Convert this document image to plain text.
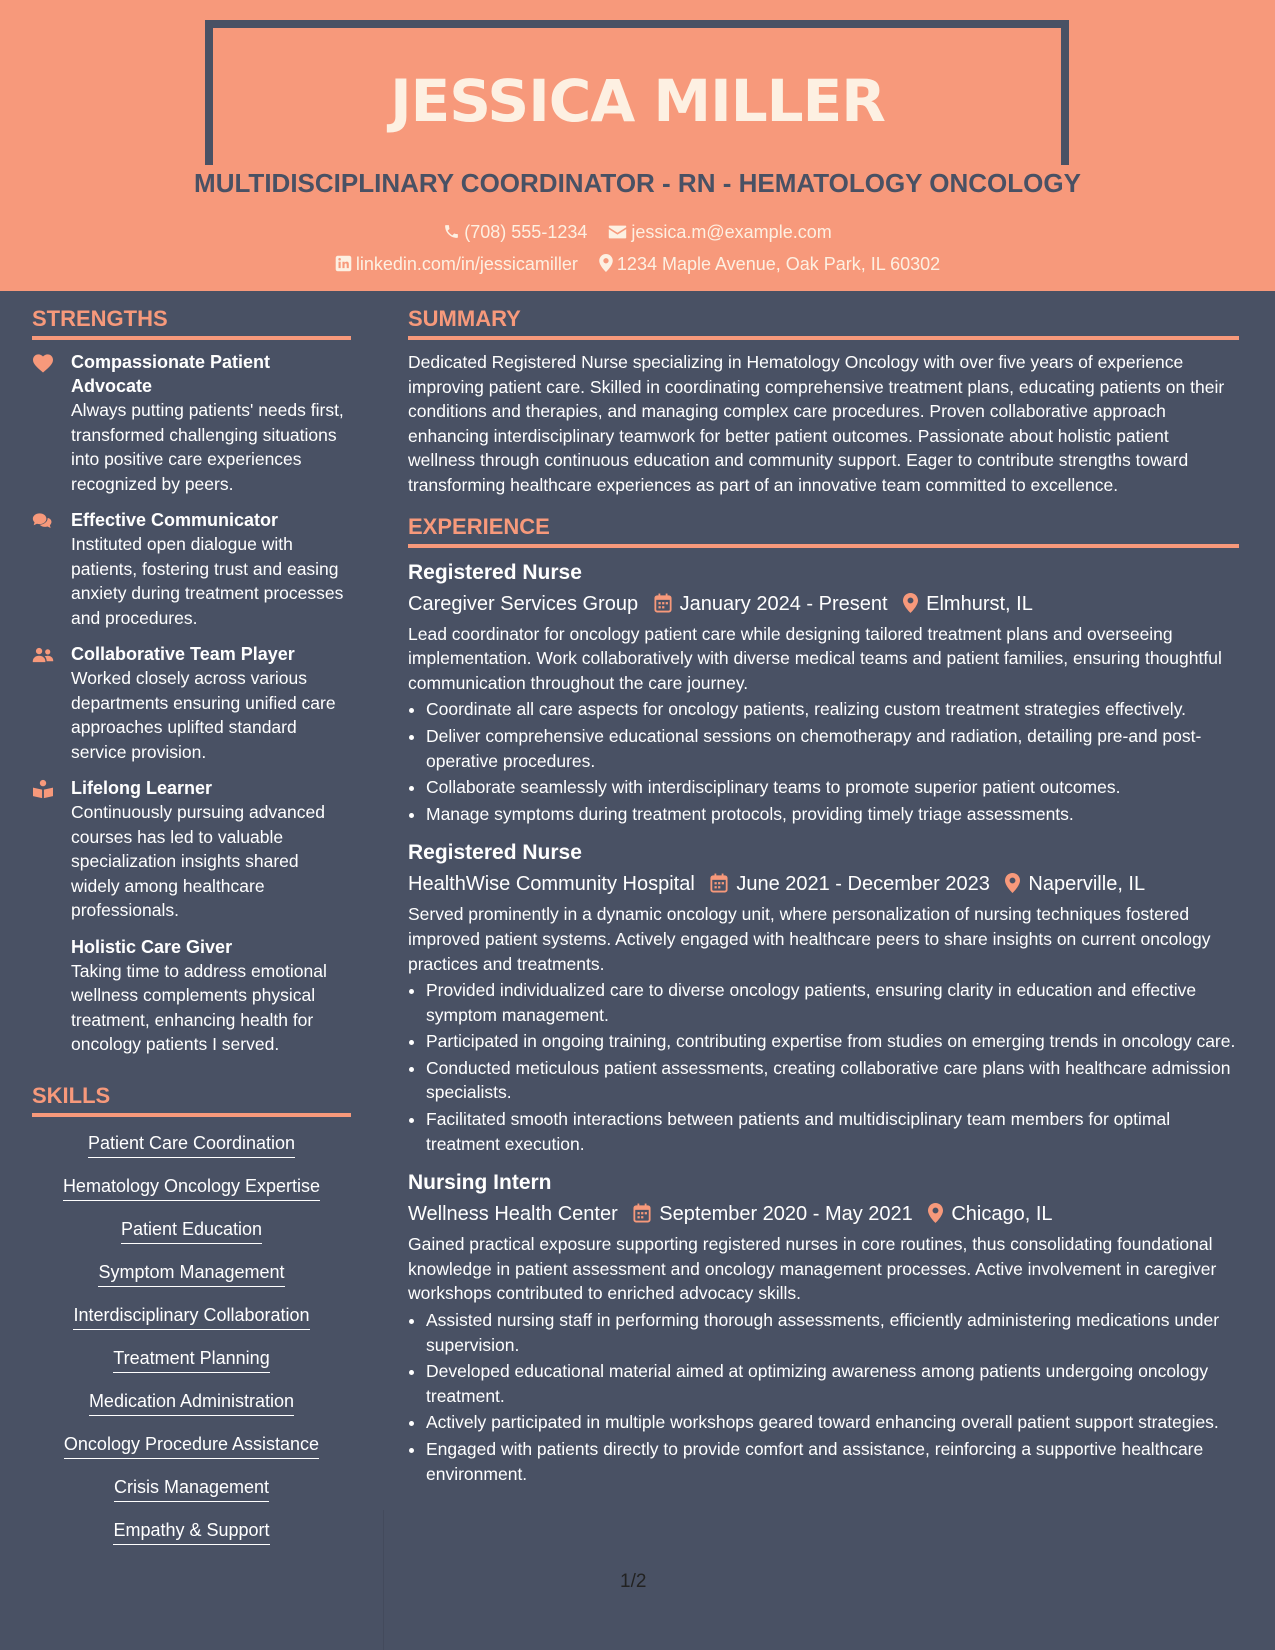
JESSICA MILLER
MULTIDISCIPLINARY COORDINATOR - RN - HEMATOLOGY ONCOLOGY
(708) 555-1234 jessica.m@example.com
linkedin.com/in/jessicamiller 1234 Maple Avenue, Oak Park, IL 60302
STRENGTHS
Compassionate Patient Advocate
Always putting patients' needs first, transformed challenging situations into positive care experiences recognized by peers.
Effective Communicator
Instituted open dialogue with patients, fostering trust and easing anxiety during treatment processes and procedures.
Collaborative Team Player
Worked closely across various departments ensuring unified care approaches uplifted standard service provision.
Lifelong Learner
Continuously pursuing advanced courses has led to valuable specialization insights shared widely among healthcare professionals.
Holistic Care Giver
Taking time to address emotional wellness complements physical treatment, enhancing health for oncology patients I served.
SKILLS
Patient Care Coordination
Hematology Oncology Expertise
Patient Education
Symptom Management
Interdisciplinary Collaboration
Treatment Planning
Medication Administration
Oncology Procedure Assistance
Crisis Management
Empathy & Support
SUMMARY
Dedicated Registered Nurse specializing in Hematology Oncology with over five years of experience improving patient care. Skilled in coordinating comprehensive treatment plans, educating patients on their conditions and therapies, and managing complex care procedures. Proven collaborative approach enhancing interdisciplinary teamwork for better patient outcomes. Passionate about holistic patient wellness through continuous education and community support. Eager to contribute strengths toward transforming healthcare experiences as part of an innovative team committed to excellence.
EXPERIENCE
Registered Nurse
Caregiver Services Group January 2024 - Present Elmhurst, IL
Lead coordinator for oncology patient care while designing tailored treatment plans and overseeing implementation. Work collaboratively with diverse medical teams and patient families, ensuring thoughtful communication throughout the care journey.
• Coordinate all care aspects for oncology patients, realizing custom treatment strategies effectively.
• Deliver comprehensive educational sessions on chemotherapy and radiation, detailing pre-and post-operative procedures.
• Collaborate seamlessly with interdisciplinary teams to promote superior patient outcomes.
• Manage symptoms during treatment protocols, providing timely triage assessments.
Registered Nurse
HealthWise Community Hospital June 2021 - December 2023 Naperville, IL
Served prominently in a dynamic oncology unit, where personalization of nursing techniques fostered improved patient systems. Actively engaged with healthcare peers to share insights on current oncology practices and treatments.
• Provided individualized care to diverse oncology patients, ensuring clarity in education and effective symptom management.
• Participated in ongoing training, contributing expertise from studies on emerging trends in oncology care.
• Conducted meticulous patient assessments, creating collaborative care plans with healthcare admission specialists.
• Facilitated smooth interactions between patients and multidisciplinary team members for optimal treatment execution.
Nursing Intern
Wellness Health Center September 2020 - May 2021 Chicago, IL
Gained practical exposure supporting registered nurses in core routines, thus consolidating foundational knowledge in patient assessment and oncology management processes. Active involvement in caregiver workshops contributed to enriched advocacy skills.
• Assisted nursing staff in performing thorough assessments, efficiently administering medications under supervision.
• Developed educational material aimed at optimizing awareness among patients undergoing oncology treatment.
• Actively participated in multiple workshops geared toward enhancing overall patient support strategies.
• Engaged with patients directly to provide comfort and assistance, reinforcing a supportive healthcare environment.
1/2
